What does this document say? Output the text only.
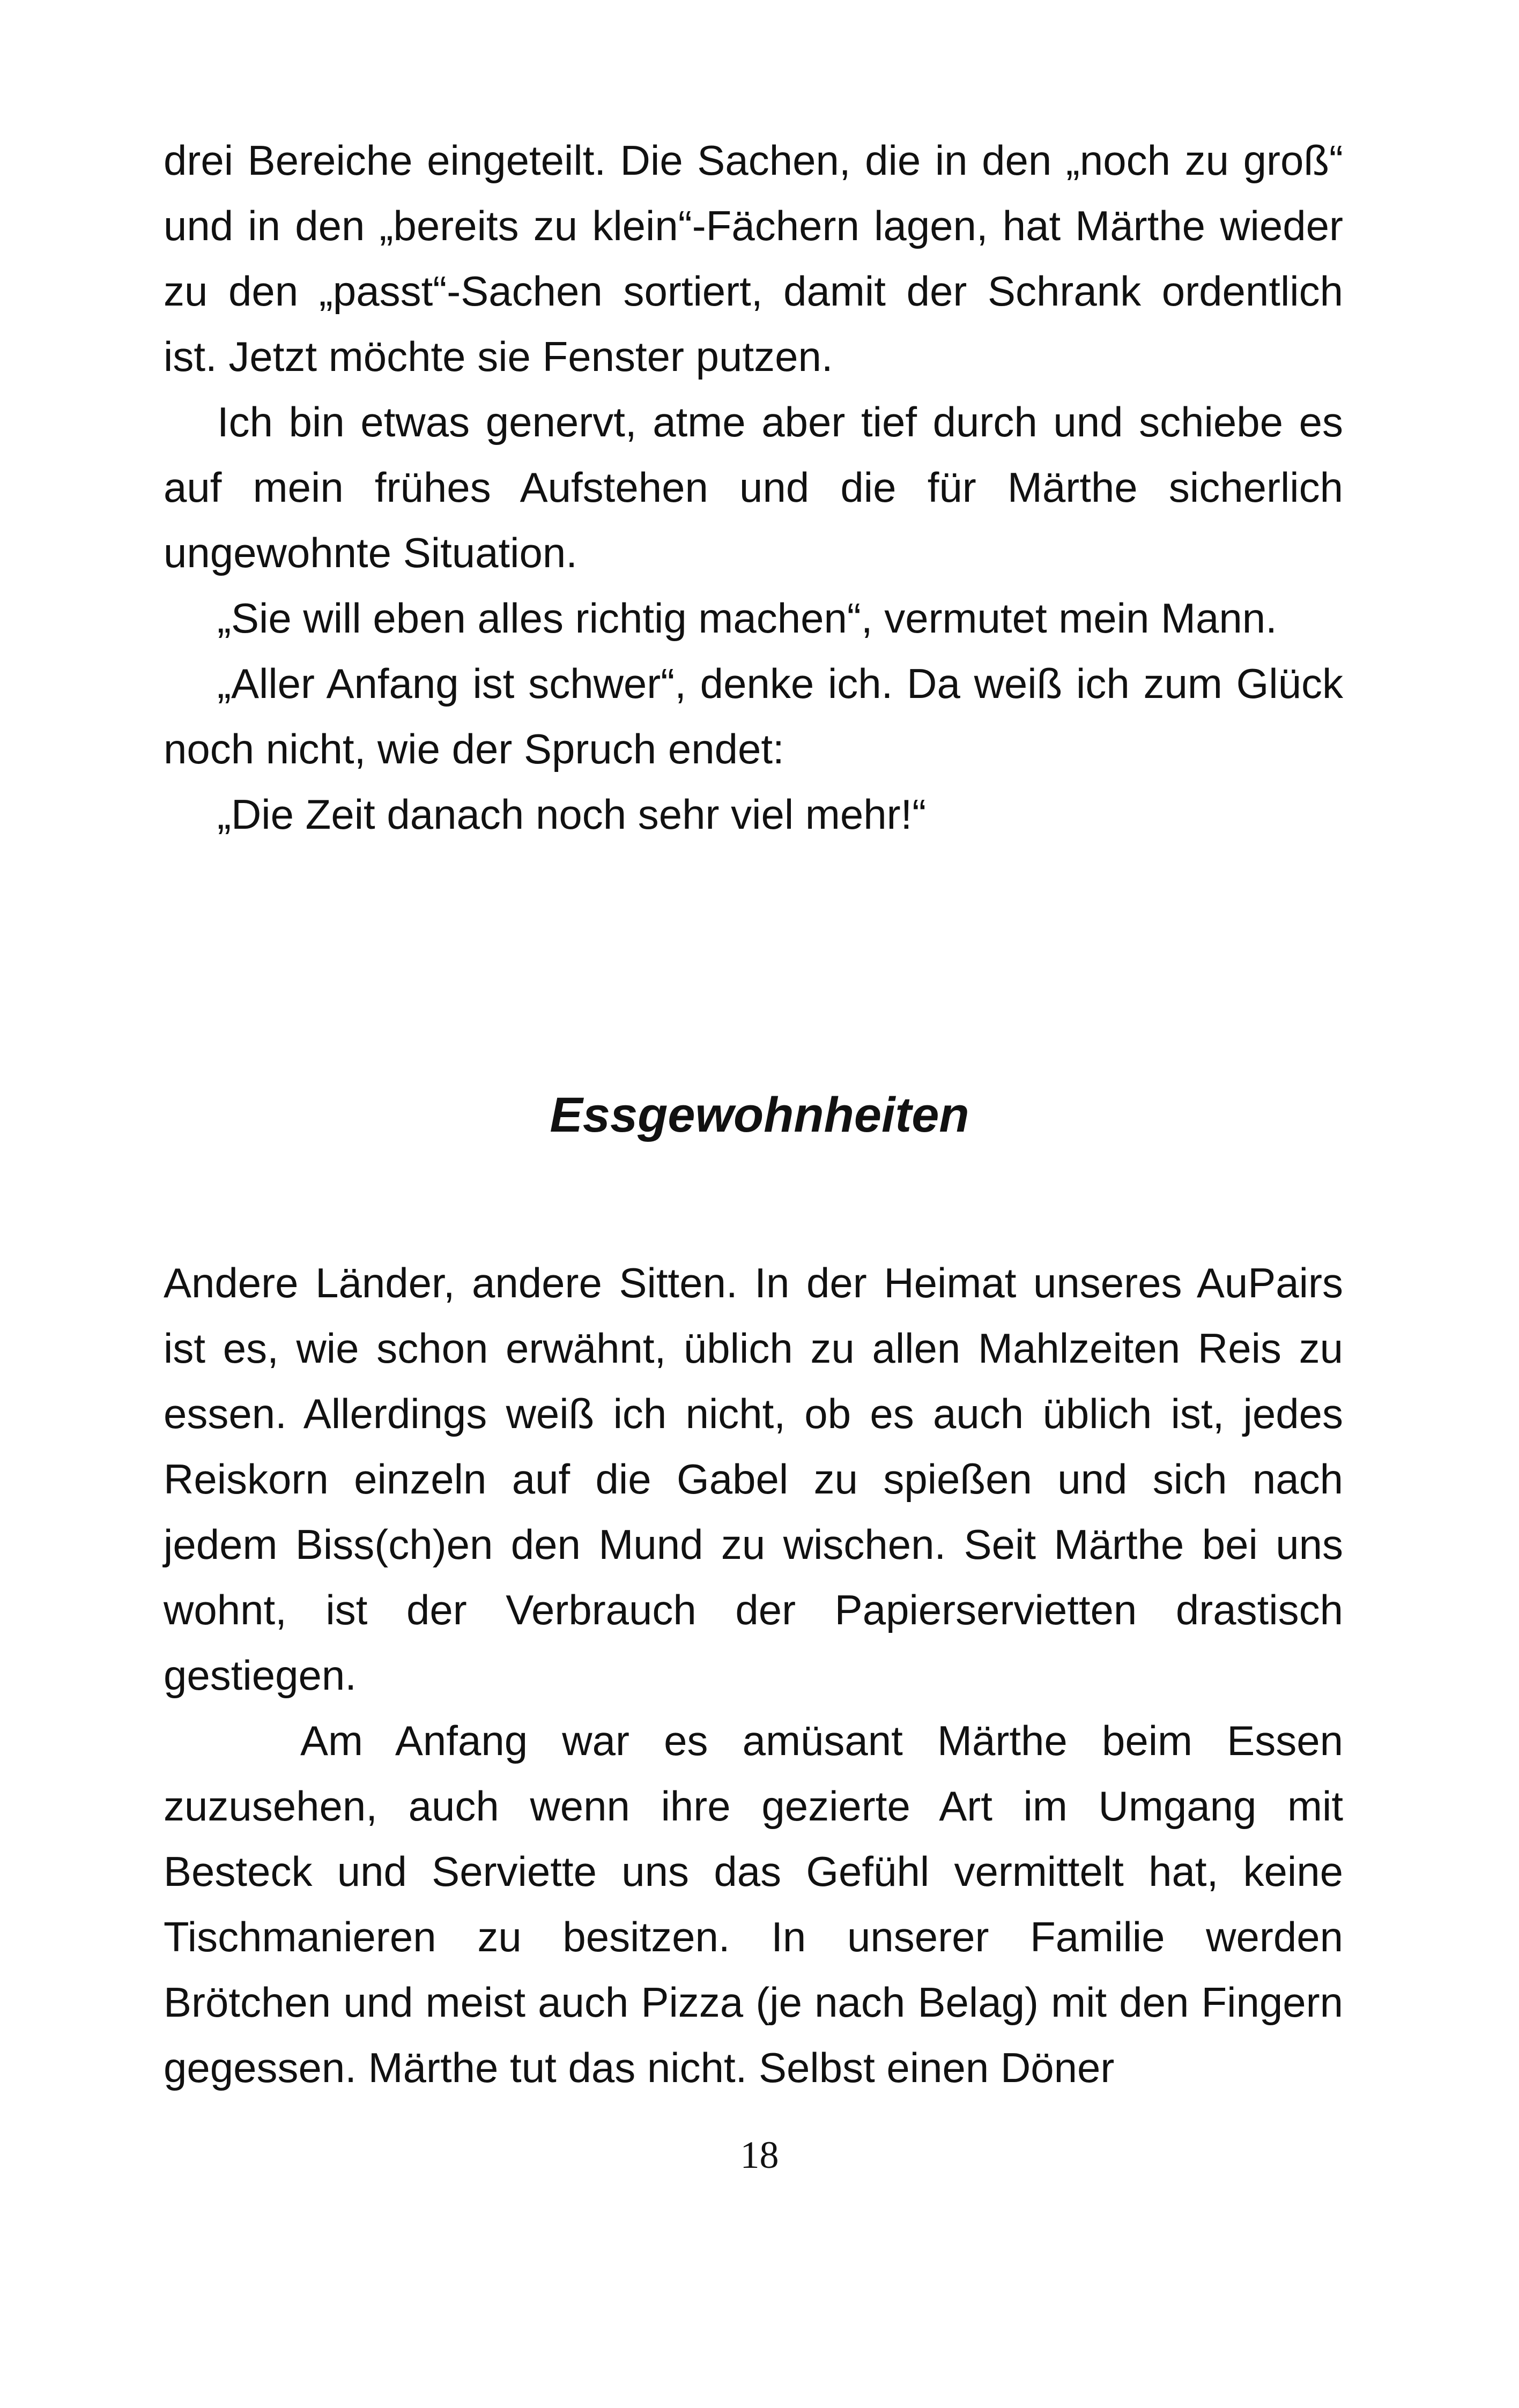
drei Bereiche eingeteilt. Die Sachen, die in den „noch zu groß“ und in den „bereits zu klein“-Fächern lagen, hat Märthe wieder zu den „passt“-Sachen sortiert, damit der Schrank ordentlich ist. Jetzt möchte sie Fenster putzen.

Ich bin etwas genervt, atme aber tief durch und schiebe es auf mein frühes Aufstehen und die für Märthe sicherlich ungewohnte Situation.

„Sie will eben alles richtig machen“, vermutet mein Mann.

„Aller Anfang ist schwer“, denke ich. Da weiß ich zum Glück noch nicht, wie der Spruch endet:

„Die Zeit danach noch sehr viel mehr!“

Essgewohnheiten

Andere Länder, andere Sitten. In der Heimat unseres AuPairs ist es, wie schon erwähnt, üblich zu allen Mahlzeiten Reis zu essen. Allerdings weiß ich nicht, ob es auch üblich ist, jedes Reiskorn einzeln auf die Gabel zu spießen und sich nach jedem Biss(ch)en den Mund zu wischen. Seit Märthe bei uns wohnt, ist der Verbrauch der Papierservietten drastisch gestiegen.

Am Anfang war es amüsant Märthe beim Essen zuzusehen, auch wenn ihre gezierte Art im Umgang mit Besteck und Serviette uns das Gefühl vermittelt hat, keine Tischmanieren zu besitzen. In unserer Familie werden Brötchen und meist auch Pizza (je nach Belag) mit den Fingern gegessen. Märthe tut das nicht. Selbst einen Döner

18
